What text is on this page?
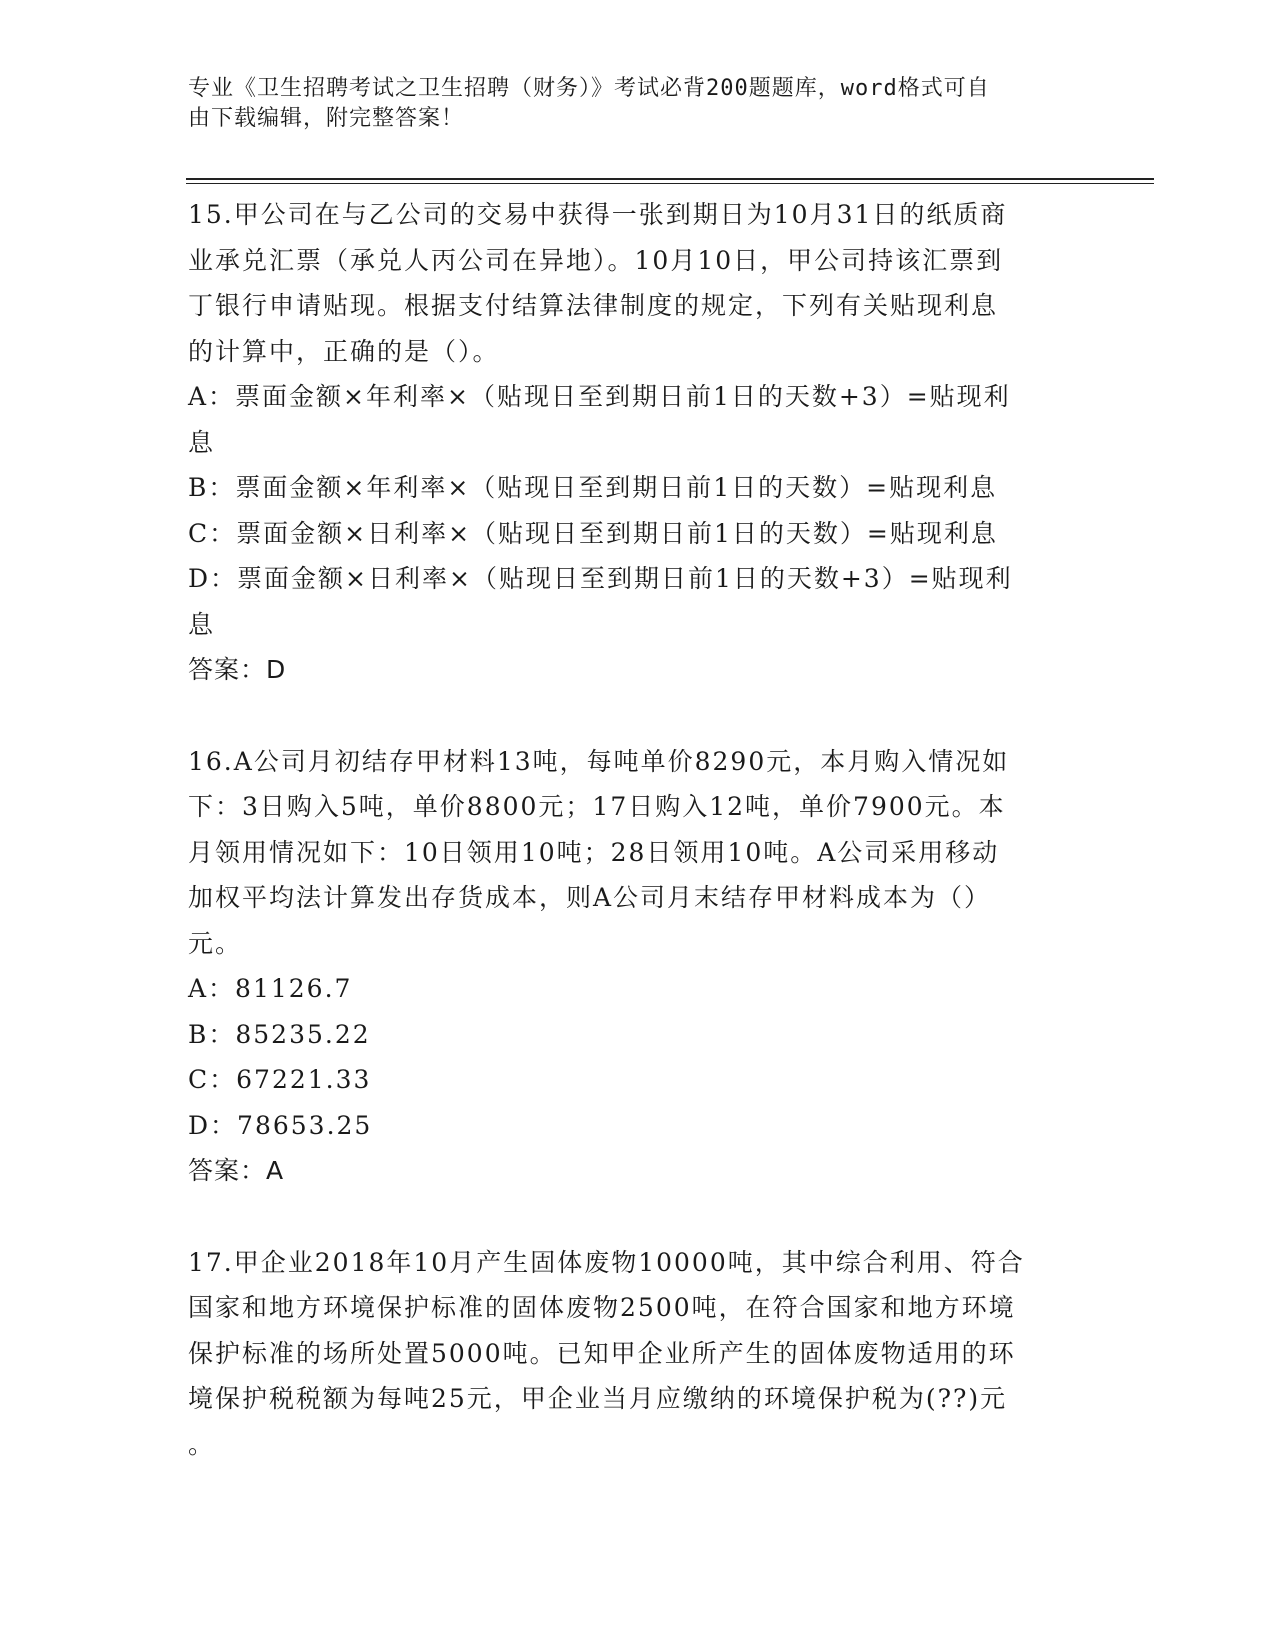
专业《卫生招聘考试之卫生招聘（财务）》考试必背200题题库，word格式可自
由下载编辑，附完整答案！

15.甲公司在与乙公司的交易中获得一张到期日为10月31日的纸质商

业承兑汇票（承兑人丙公司在异地）。10月10日，甲公司持该汇票到

丁银行申请贴现。根据支付结算法律制度的规定，下列有关贴现利息

的计算中，正确的是（）。

A：票面金额×年利率×（贴现日至到期日前1日的天数+3）=贴现利

息

B：票面金额×年利率×（贴现日至到期日前1日的天数）=贴现利息

C：票面金额×日利率×（贴现日至到期日前1日的天数）=贴现利息

D：票面金额×日利率×（贴现日至到期日前1日的天数+3）=贴现利

息

答案：D

16.A公司月初结存甲材料13吨，每吨单价8290元，本月购入情况如

下：3日购入5吨，单价8800元；17日购入12吨，单价7900元。本

月领用情况如下：10日领用10吨；28日领用10吨。A公司采用移动

加权平均法计算发出存货成本，则A公司月末结存甲材料成本为（）

元。

A：81126.7

B：85235.22

C：67221.33

D：78653.25

答案：A

17.甲企业2018年10月产生固体废物10000吨，其中综合利用、符合

国家和地方环境保护标准的固体废物2500吨，在符合国家和地方环境

保护标准的场所处置5000吨。已知甲企业所产生的固体废物适用的环

境保护税税额为每吨25元，甲企业当月应缴纳的环境保护税为(??)元

。
